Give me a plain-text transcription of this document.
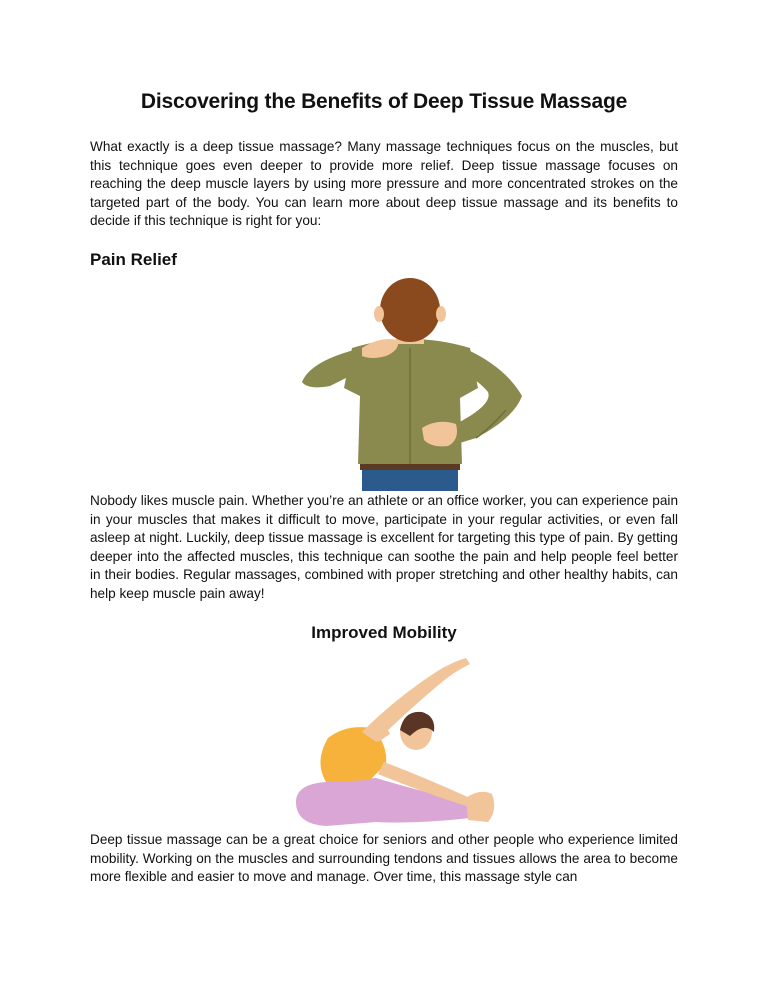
Discovering the Benefits of Deep Tissue Massage

What exactly is a deep tissue massage? Many massage techniques focus on the muscles, but this technique goes even deeper to provide more relief. Deep tissue massage focuses on reaching the deep muscle layers by using more pressure and more concentrated strokes on the targeted part of the body. You can learn more about deep tissue massage and its benefits to decide if this technique is right for you:

Pain Relief

Nobody likes muscle pain. Whether you’re an athlete or an office worker, you can experience pain in your muscles that makes it difficult to move, participate in your regular activities, or even fall asleep at night. Luckily, deep tissue massage is excellent for targeting this type of pain. By getting deeper into the affected muscles, this technique can soothe the pain and help people feel better in their bodies. Regular massages, combined with proper stretching and other healthy habits, can help keep muscle pain away!

Improved Mobility

Deep tissue massage can be a great choice for seniors and other people who experience limited mobility. Working on the muscles and surrounding tendons and tissues allows the area to become more flexible and easier to move and manage. Over time, this massage style can
